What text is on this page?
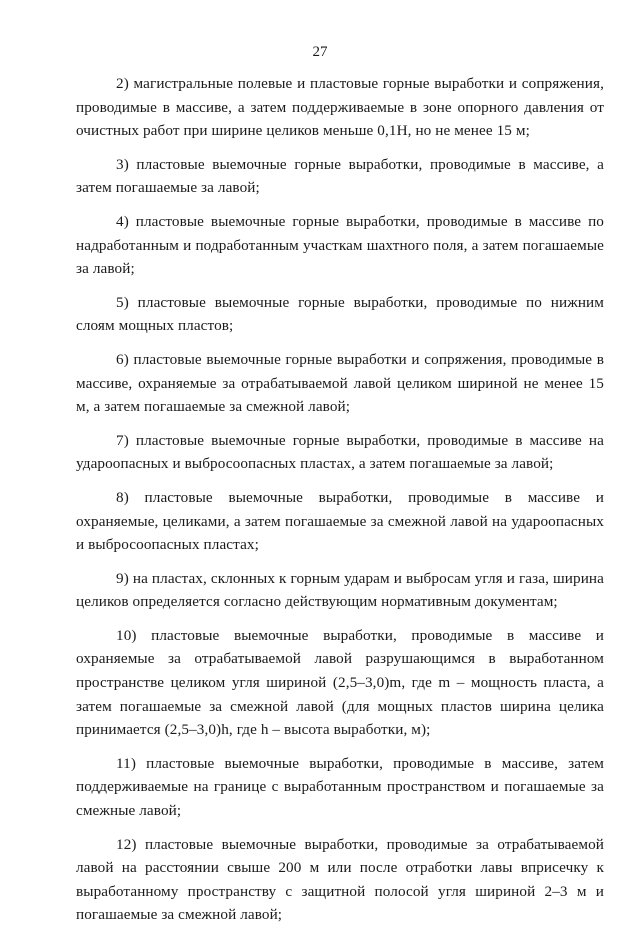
27

2) магистральные полевые и пластовые горные выработки и сопряжения, проводимые в массиве, а затем поддерживаемые в зоне опорного давления от очистных работ при ширине целиков меньше 0,1H, но не менее 15 м;

3) пластовые выемочные горные выработки, проводимые в массиве, а затем погашаемые за лавой;

4) пластовые выемочные горные выработки, проводимые в массиве по надработанным и подработанным участкам шахтного поля, а затем погашаемые за лавой;

5) пластовые выемочные горные выработки, проводимые по нижним слоям мощных пластов;

6) пластовые выемочные горные выработки и сопряжения, проводимые в массиве, охраняемые за отрабатываемой лавой целиком шириной не менее 15 м, а затем погашаемые за смежной лавой;

7) пластовые выемочные горные выработки, проводимые в массиве на удароопасных и выбросоопасных пластах, а затем погашаемые за лавой;

8) пластовые выемочные выработки, проводимые в массиве и охраняемые, целиками, а затем погашаемые за смежной лавой на удароопасных и выбросоопасных пластах;

9) на пластах, склонных к горным ударам и выбросам угля и газа, ширина целиков определяется согласно действующим нормативным документам;

10) пластовые выемочные выработки, проводимые в массиве и охраняемые за отрабатываемой лавой разрушающимся в выработанном пространстве целиком угля шириной (2,5–3,0)m, где m – мощность пласта, а затем погашаемые за смежной лавой (для мощных пластов ширина целика принимается (2,5–3,0)h, где h – высота выработки, м);

11) пластовые выемочные выработки, проводимые в массиве, затем поддерживаемые на границе с выработанным пространством и погашаемые за смежные лавой;

12) пластовые выемочные выработки, проводимые за отрабатываемой лавой на расстоянии свыше 200 м или после отработки лавы вприсечку к выработанному пространству с защитной полосой угля шириной 2–3 м и погашаемые за смежной лавой;
